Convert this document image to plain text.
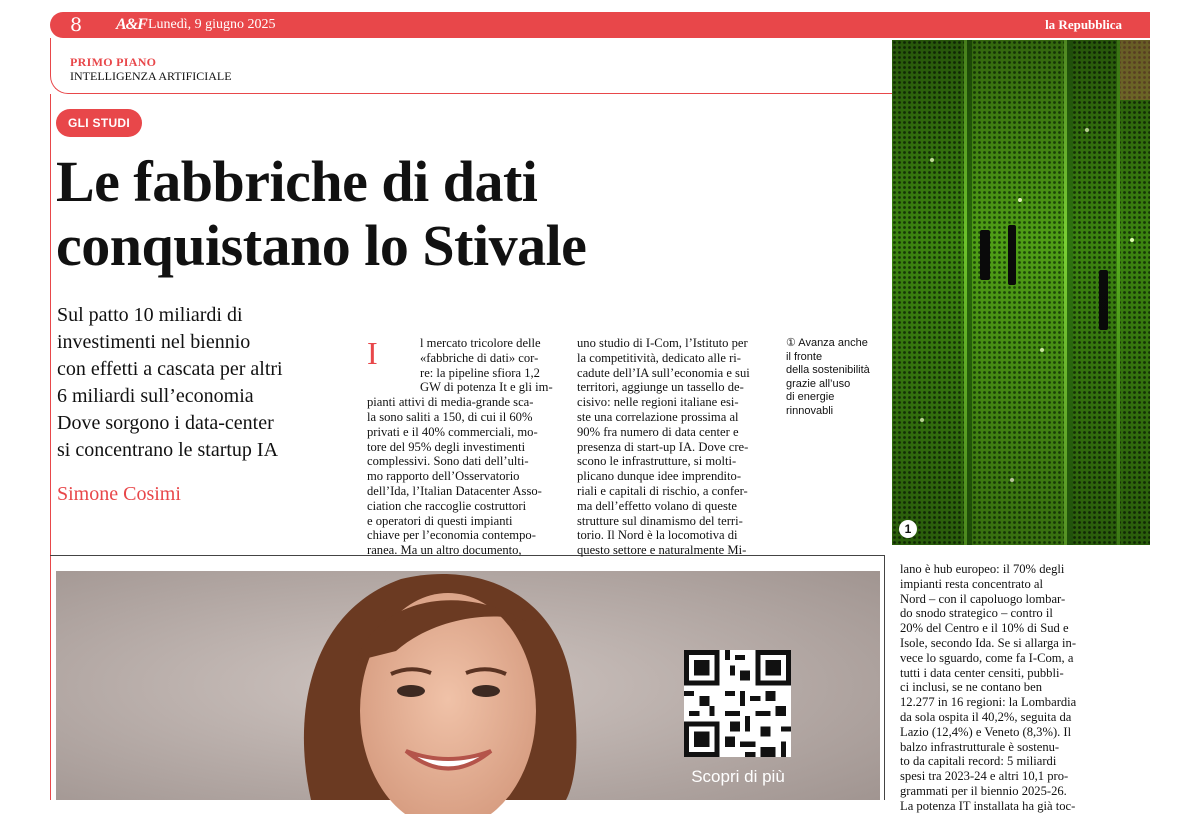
8 A&F Lunedì, 9 giugno 2025	la Repubblica
PRIMO PIANO
INTELLIGENZA ARTIFICIALE
GLI STUDI
Le fabbriche di dati
conquistano lo Stivale
Sul patto 10 miliardi di
investimenti nel biennio
con effetti a cascata per altri
6 miliardi sull’economia
Dove sorgono i data-center
si concentrano le startup IA
Simone Cosimi
I	l mercato tricolore delle
«fabbriche di dati» cor-
re: la pipeline sfiora 1,2
GW di potenza It e gli im-
pianti attivi di media-grande sca-
la sono saliti a 150, di cui il 60%
privati e il 40% commerciali, mo-
tore del 95% degli investimenti
complessivi. Sono dati dell’ulti-
mo rapporto dell’Osservatorio
dell’Ida, l’Italian Datacenter Asso-
ciation che raccoglie costruttori
e operatori di questi impianti
chiave per l’economia contempo-
ranea. Ma un altro documento,
uno studio di I-Com, l’Istituto per
la competitività, dedicato alle ri-
cadute dell’IA sull’economia e sui
territori, aggiunge un tassello de-
cisivo: nelle regioni italiane esi-
ste una correlazione prossima al
90% fra numero di data center e
presenza di start-up IA. Dove cre-
scono le infrastrutture, si molti-
plicano dunque idee imprendito-
riali e capitali di rischio, a confer-
ma dell’effetto volano di queste
strutture sul dinamismo del terri-
torio. Il Nord è la locomotiva di
questo settore e naturalmente Mi-
lano è hub europeo: il 70% degli
impianti resta concentrato al
Nord – con il capoluogo lombar-
do snodo strategico – contro il
20% del Centro e il 10% di Sud e
Isole, secondo Ida. Se si allarga in-
vece lo sguardo, come fa I-Com, a
tutti i data center censiti, pubbli-
ci inclusi, se ne contano ben
12.277 in 16 regioni: la Lombardia
da sola ospita il 40,2%, seguita da
Lazio (12,4%) e Veneto (8,3%). Il
balzo infrastrutturale è sostenu-
to da capitali record: 5 miliardi
spesi tra 2023-24 e altri 10,1 pro-
grammati per il biennio 2025-26.
La potenza IT installata ha già toc-
① Avanza anche
il fronte
della sostenibilità
grazie all’uso
di energie
rinnovabli
1
Scopri di più
